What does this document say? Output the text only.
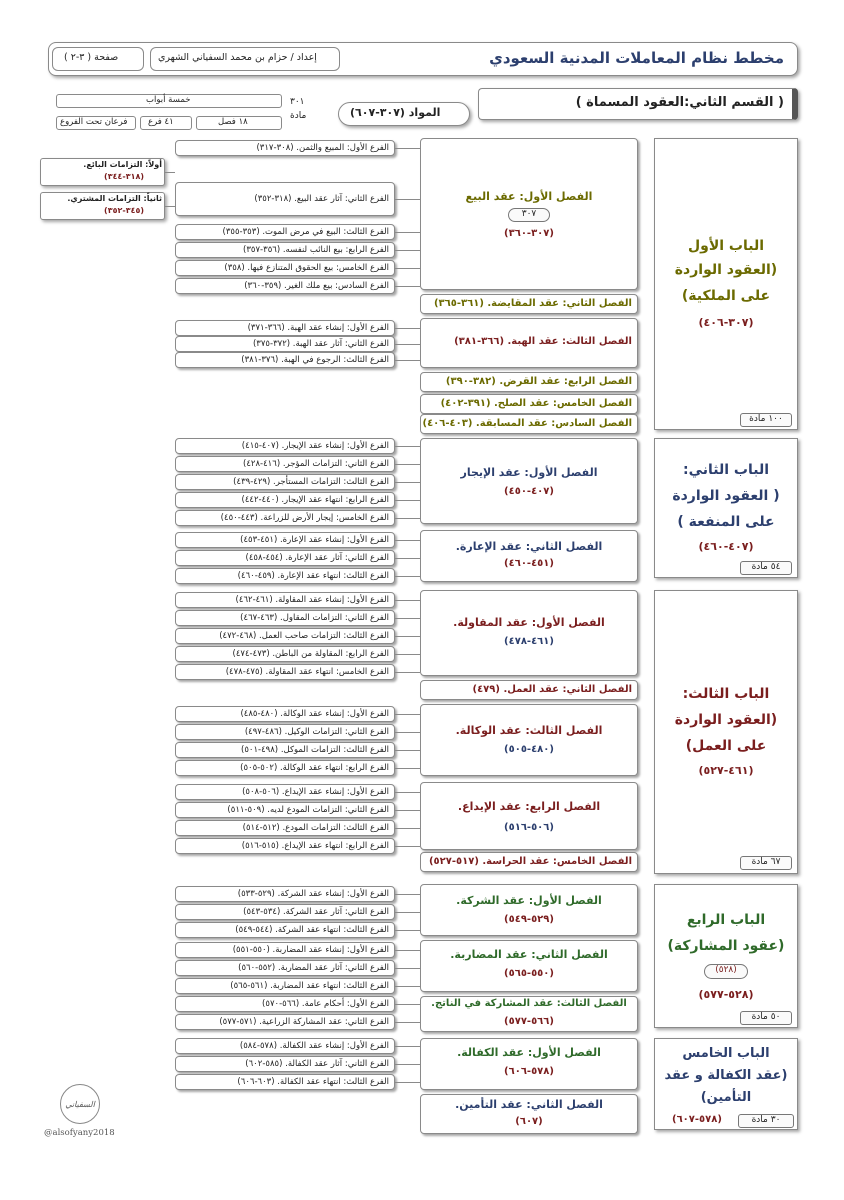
مخطط نظام المعاملات المدنية السعودي
إعداد / حزام بن محمد السفياني الشهري
صفحة ( ٣-٢ )
( القسم الثاني:العقود المسماة )
المواد (٣٠٧-٦٠٧)
٣٠١
مادة
خمسة أبواب
١٨ فصل
٤١ فرع
فرعان تحت الفروع
أولاً: التزامات البائع.
(٣١٨-٣٤٤)
ثانياً: التزامات المشتري.
(٣٤٥-٣٥٢)
الباب الأول
(العقود الواردة
على الملكية)
(٣٠٧-٤٠٦)
١٠٠ مادة
الباب الثاني:
( العقود الواردة
على المنفعة )
(٤٠٧-٤٦٠)
٥٤ مادة
الباب الثالث:
(العقود الواردة
على العمل)
(٤٦١-٥٢٧)
٦٧ مادة
الباب الرابع
(عقود المشاركة)
(٥٢٨)
(٥٢٨-٥٧٧)
٥٠ مادة
الباب الخامس
(عقد الكفالة و عقد
التأمين)
٣٠ مادة
(٥٧٨-٦٠٧)
الفصل الأول: عقد البيع
٣٠٧
(٣٠٧-٣٦٠)
الفصل الثاني: عقد المقايضة. (٣٦١-٣٦٥)
الفصل الثالث: عقد الهبة. (٣٦٦-٣٨١)
الفصل الرابع: عقد القرض. (٣٨٢-٣٩٠)
الفصل الخامس: عقد الصلح. (٣٩١-٤٠٢)
الفصل السادس: عقد المسابقة. (٤٠٣-٤٠٦)
الفصل الأول: عقد الإيجار
(٤٠٧-٤٥٠)
الفصل الثاني: عقد الإعارة.
(٤٥١-٤٦٠)
الفصل الأول: عقد المقاولة.
(٤٦١-٤٧٨)
الفصل الثاني: عقد العمل. (٤٧٩)
الفصل الثالث: عقد الوكالة.
(٤٨٠-٥٠٥)
الفصل الرابع: عقد الإيداع.
(٥٠٦-٥١٦)
الفصل الخامس: عقد الحراسة. (٥١٧-٥٢٧)
الفصل الأول: عقد الشركة.
(٥٢٩-٥٤٩)
الفصل الثاني: عقد المضاربة.
(٥٥٠-٥٦٥)
الفصل الثالث: عقد المشاركة في الناتج.
(٥٦٦-٥٧٧)
الفصل الأول: عقد الكفالة.
(٥٧٨-٦٠٦)
الفصل الثاني: عقد التأمين.
(٦٠٧)
الفرع الأول: المبيع والثمن. (٣٠٨-٣١٧)
الفرع الثاني: آثار عقد البيع. (٣١٨-٣٥٢)
الفرع الثالث: البيع في مرض الموت. (٣٥٣-٣٥٥)
الفرع الرابع: بيع النائب لنفسه. (٣٥٦-٣٥٧)
الفرع الخامس: بيع الحقوق المتنازع فيها. (٣٥٨)
الفرع السادس: بيع ملك الغير. (٣٥٩-٣٦٠)
الفرع الأول: إنشاء عقد الهبة. (٣٦٦-٣٧١)
الفرع الثاني: آثار عقد الهبة. (٣٧٢-٣٧٥)
الفرع الثالث: الرجوع في الهبة. (٣٧٦-٣٨١)
الفرع الأول: إنشاء عقد الإيجار. (٤٠٧-٤١٥)
الفرع الثاني: التزامات المؤجر. (٤١٦-٤٢٨)
الفرع الثالث: التزامات المستأجر. (٤٢٩-٤٣٩)
الفرع الرابع: انتهاء عقد الإيجار. (٤٤٠-٤٤٢)
الفرع الخامس: إيجار الأرض للزراعة. (٤٤٣-٤٥٠)
الفرع الأول: إنشاء عقد الإعارة. (٤٥١-٤٥٣)
الفرع الثاني: آثار عقد الإعارة. (٤٥٤-٤٥٨)
الفرع الثالث: انتهاء عقد الإعارة. (٤٥٩-٤٦٠)
الفرع الأول: إنشاء عقد المقاولة. (٤٦١-٤٦٢)
الفرع الثاني: التزامات المقاول. (٤٦٣-٤٦٧)
الفرع الثالث: التزامات صاحب العمل. (٤٦٨-٤٧٢)
الفرع الرابع: المقاولة من الباطن. (٤٧٣-٤٧٤)
الفرع الخامس: انتهاء عقد المقاولة. (٤٧٥-٤٧٨)
الفرع الأول: إنشاء عقد الوكالة. (٤٨٠-٤٨٥)
الفرع الثاني: التزامات الوكيل. (٤٨٦-٤٩٧)
الفرع الثالث: التزامات الموكل. (٤٩٨-٥٠١)
الفرع الرابع: انتهاء عقد الوكالة. (٥٠٢-٥٠٥)
الفرع الأول: إنشاء عقد الإيداع. (٥٠٦-٥٠٨)
الفرع الثاني: التزامات المودع لديه. (٥٠٩-٥١١)
الفرع الثالث: التزامات المودع. (٥١٢-٥١٤)
الفرع الرابع: انتهاء عقد الإيداع. (٥١٥-٥١٦)
الفرع الأول: إنشاء عقد الشركة. (٥٢٩-٥٣٣)
الفرع الثاني: آثار عقد الشركة. (٥٣٤-٥٤٣)
الفرع الثالث: انتهاء عقد الشركة. (٥٤٤-٥٤٩)
الفرع الأول: إنشاء عقد المضاربة. (٥٥٠-٥٥١)
الفرع الثاني: آثار عقد المضاربة. (٥٥٢-٥٦٠)
الفرع الثالث: انتهاء عقد المضاربة. (٥٦١-٥٦٥)
الفرع الأول: أحكام عامة. (٥٦٦-٥٧٠)
الفرع الثاني: عقد المشاركة الزراعية. (٥٧١-٥٧٧)
الفرع الأول: إنشاء عقد الكفالة. (٥٧٨-٥٨٤)
الفرع الثاني: آثار عقد الكفالة. (٥٨٥-٦٠٢)
الفرع الثالث: انتهاء عقد الكفالة. (٦٠٣-٦٠٦)
السفياني
@alsofyany2018
